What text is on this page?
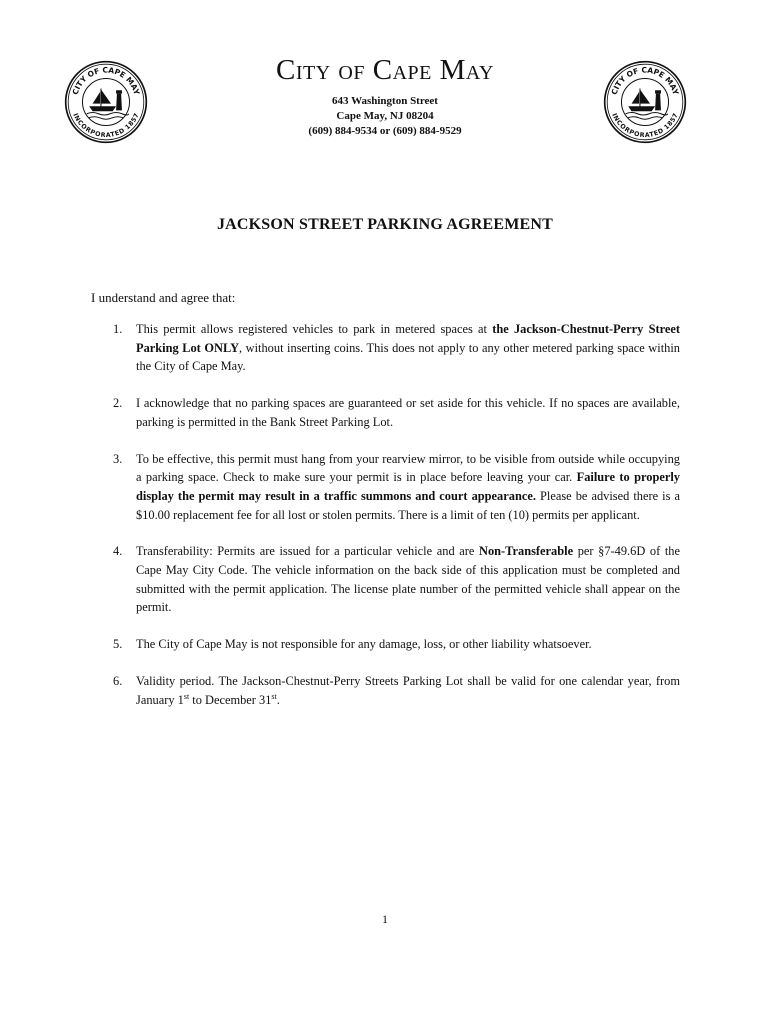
CITY OF CAPE MAY
INCORPORATED 1857
CITY OF CAPE MAY
INCORPORATED 1857
City of Cape May
643 Washington Street
Cape May, NJ 08204
(609) 884-9534 or (609) 884-9529
JACKSON STREET PARKING AGREEMENT
I understand and agree that:
1. This permit allows registered vehicles to park in metered spaces at the Jackson-Chestnut-Perry Street Parking Lot ONLY, without inserting coins. This does not apply to any other metered parking space within the City of Cape May.
2. I acknowledge that no parking spaces are guaranteed or set aside for this vehicle. If no spaces are available, parking is permitted in the Bank Street Parking Lot.
3. To be effective, this permit must hang from your rearview mirror, to be visible from outside while occupying a parking space. Check to make sure your permit is in place before leaving your car. Failure to properly display the permit may result in a traffic summons and court appearance. Please be advised there is a $10.00 replacement fee for all lost or stolen permits. There is a limit of ten (10) permits per applicant.
4. Transferability: Permits are issued for a particular vehicle and are Non-Transferable per §7-49.6D of the Cape May City Code. The vehicle information on the back side of this application must be completed and submitted with the permit application. The license plate number of the permitted vehicle shall appear on the permit.
5. The City of Cape May is not responsible for any damage, loss, or other liability whatsoever.
6. Validity period. The Jackson-Chestnut-Perry Streets Parking Lot shall be valid for one calendar year, from January 1st to December 31st.
1
